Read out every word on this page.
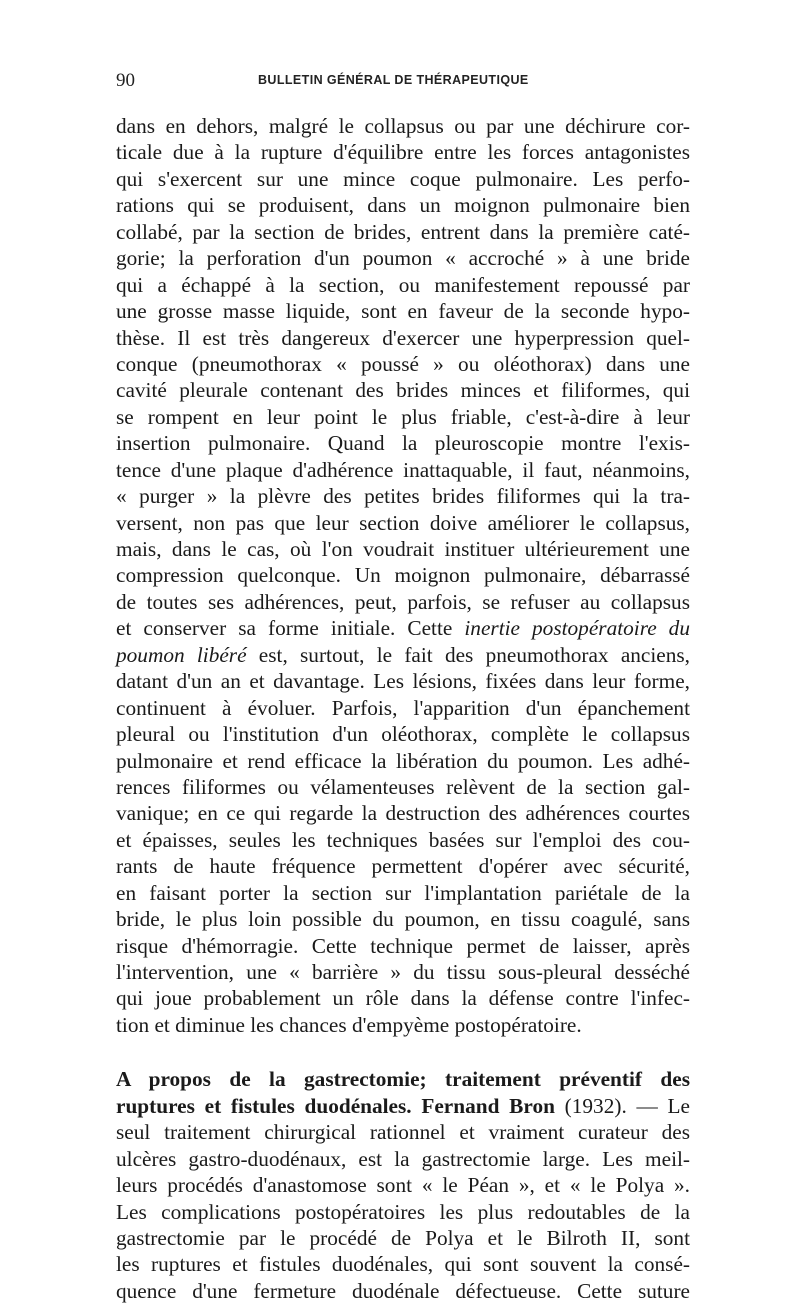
90	BULLETIN GÉNÉRAL DE THÉRAPEUTIQUE
dans en dehors, malgré le collapsus ou par une déchirure cor-
ticale due à la rupture d'équilibre entre les forces antagonistes
qui s'exercent sur une mince coque pulmonaire. Les perfo-
rations qui se produisent, dans un moignon pulmonaire bien
collabé, par la section de brides, entrent dans la première caté-
gorie; la perforation d'un poumon « accroché » à une bride
qui a échappé à la section, ou manifestement repoussé par
une grosse masse liquide, sont en faveur de la seconde hypo-
thèse. Il est très dangereux d'exercer une hyperpression quel-
conque (pneumothorax « poussé » ou oléothorax) dans une
cavité pleurale contenant des brides minces et filiformes, qui
se rompent en leur point le plus friable, c'est-à-dire à leur
insertion pulmonaire. Quand la pleuroscopie montre l'exis-
tence d'une plaque d'adhérence inattaquable, il faut, néanmoins,
« purger » la plèvre des petites brides filiformes qui la tra-
versent, non pas que leur section doive améliorer le collapsus,
mais, dans le cas, où l'on voudrait instituer ultérieurement une
compression quelconque. Un moignon pulmonaire, débarrassé
de toutes ses adhérences, peut, parfois, se refuser au collapsus
et conserver sa forme initiale. Cette inertie postopératoire du
poumon libéré est, surtout, le fait des pneumothorax anciens,
datant d'un an et davantage. Les lésions, fixées dans leur forme,
continuent à évoluer. Parfois, l'apparition d'un épanchement
pleural ou l'institution d'un oléothorax, complète le collapsus
pulmonaire et rend efficace la libération du poumon. Les adhé-
rences filiformes ou vélamenteuses relèvent de la section gal-
vanique; en ce qui regarde la destruction des adhérences courtes
et épaisses, seules les techniques basées sur l'emploi des cou-
rants de haute fréquence permettent d'opérer avec sécurité,
en faisant porter la section sur l'implantation pariétale de la
bride, le plus loin possible du poumon, en tissu coagulé, sans
risque d'hémorragie. Cette technique permet de laisser, après
l'intervention, une « barrière » du tissu sous-pleural desséché
qui joue probablement un rôle dans la défense contre l'infec-
tion et diminue les chances d'empyème postopératoire.
A propos de la gastrectomie; traitement préventif des
ruptures et fistules duodénales. Fernand Bron (1932). — Le
seul traitement chirurgical rationnel et vraiment curateur des
ulcères gastro-duodénaux, est la gastrectomie large. Les meil-
leurs procédés d'anastomose sont « le Péan », et « le Polya ».
Les complications postopératoires les plus redoutables de la
gastrectomie par le procédé de Polya et le Bilroth II, sont
les ruptures et fistules duodénales, qui sont souvent la consé-
quence d'une fermeture duodénale défectueuse. Cette suture
